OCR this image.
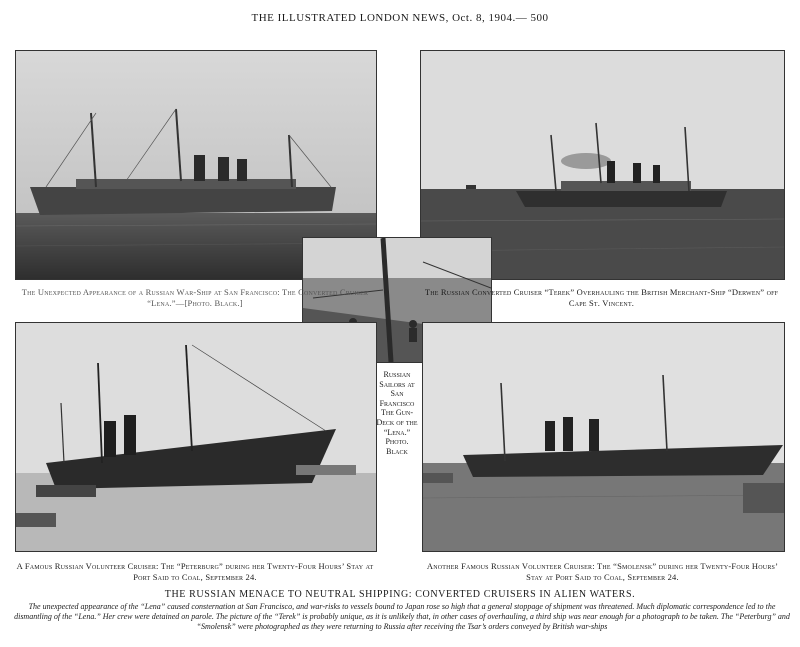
THE ILLUSTRATED LONDON NEWS, Oct. 8, 1904.— 500
The Unexpected Appearance of a Russian War-Ship at San Francisco: The Converted Cruiser “Lena.”—[Photo. Black.]
The Russian Converted Cruiser “Terek” Overhauling the British Merchant-Ship “Derwen” off Cape St. Vincent.
Russian Sailors at San Francisco The Gun-Deck of the “Lena.” Photo. Black
A Famous Russian Volunteer Cruiser: The “Peterburg” during her Twenty-Four Hours’ Stay at Port Said to Coal, September 24.
Another Famous Russian Volunteer Cruiser: The “Smolensk” during her Twenty-Four Hours’ Stay at Port Said to Coal, September 24.
THE RUSSIAN MENACE TO NEUTRAL SHIPPING: CONVERTED CRUISERS IN ALIEN WATERS.
The unexpected appearance of the “Lena” caused consternation at San Francisco, and war-risks to vessels bound to Japan rose so high that a general stoppage of shipment was threatened. Much diplomatic correspondence led to the dismantling of the “Lena.” Her crew were detained on parole. The picture of the “Terek” is probably unique, as it is unlikely that, in other cases of overhauling, a third ship was near enough for a photograph to be taken. The “Peterburg” and “Smolensk” were photographed as they were returning to Russia after receiving the Tsar’s orders conveyed by British war-ships
